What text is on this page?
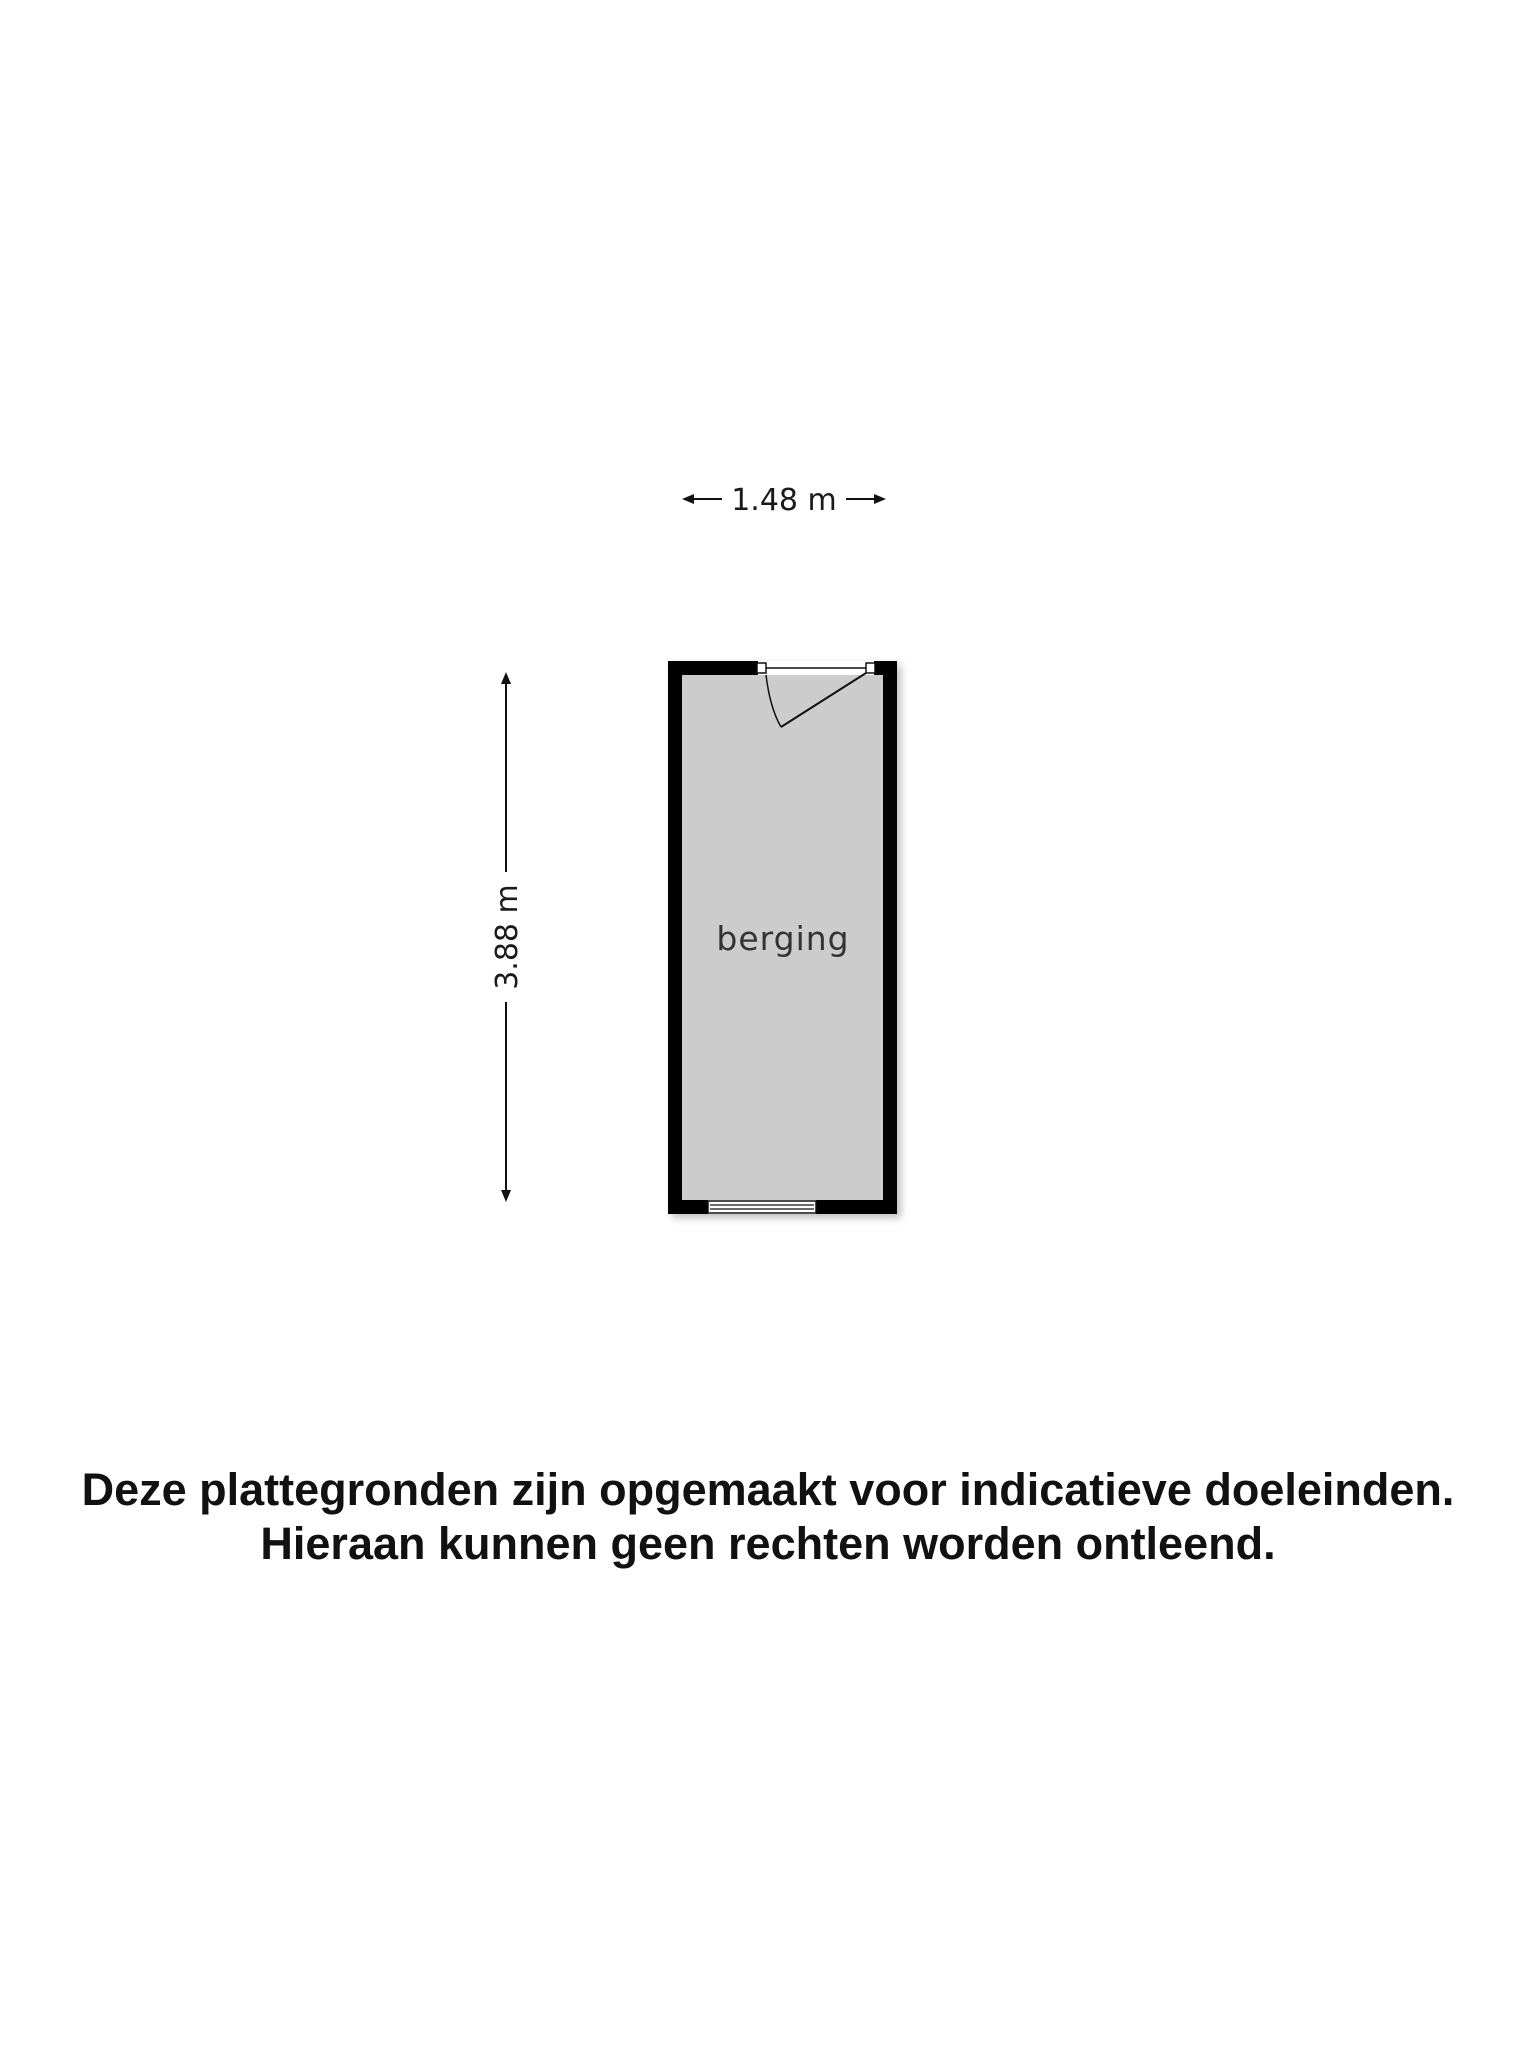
1.48 m
3.88 m	berging
Deze plattegronden zijn opgemaakt voor indicatieve doeleinden.
Hieraan kunnen geen rechten worden ontleend.
